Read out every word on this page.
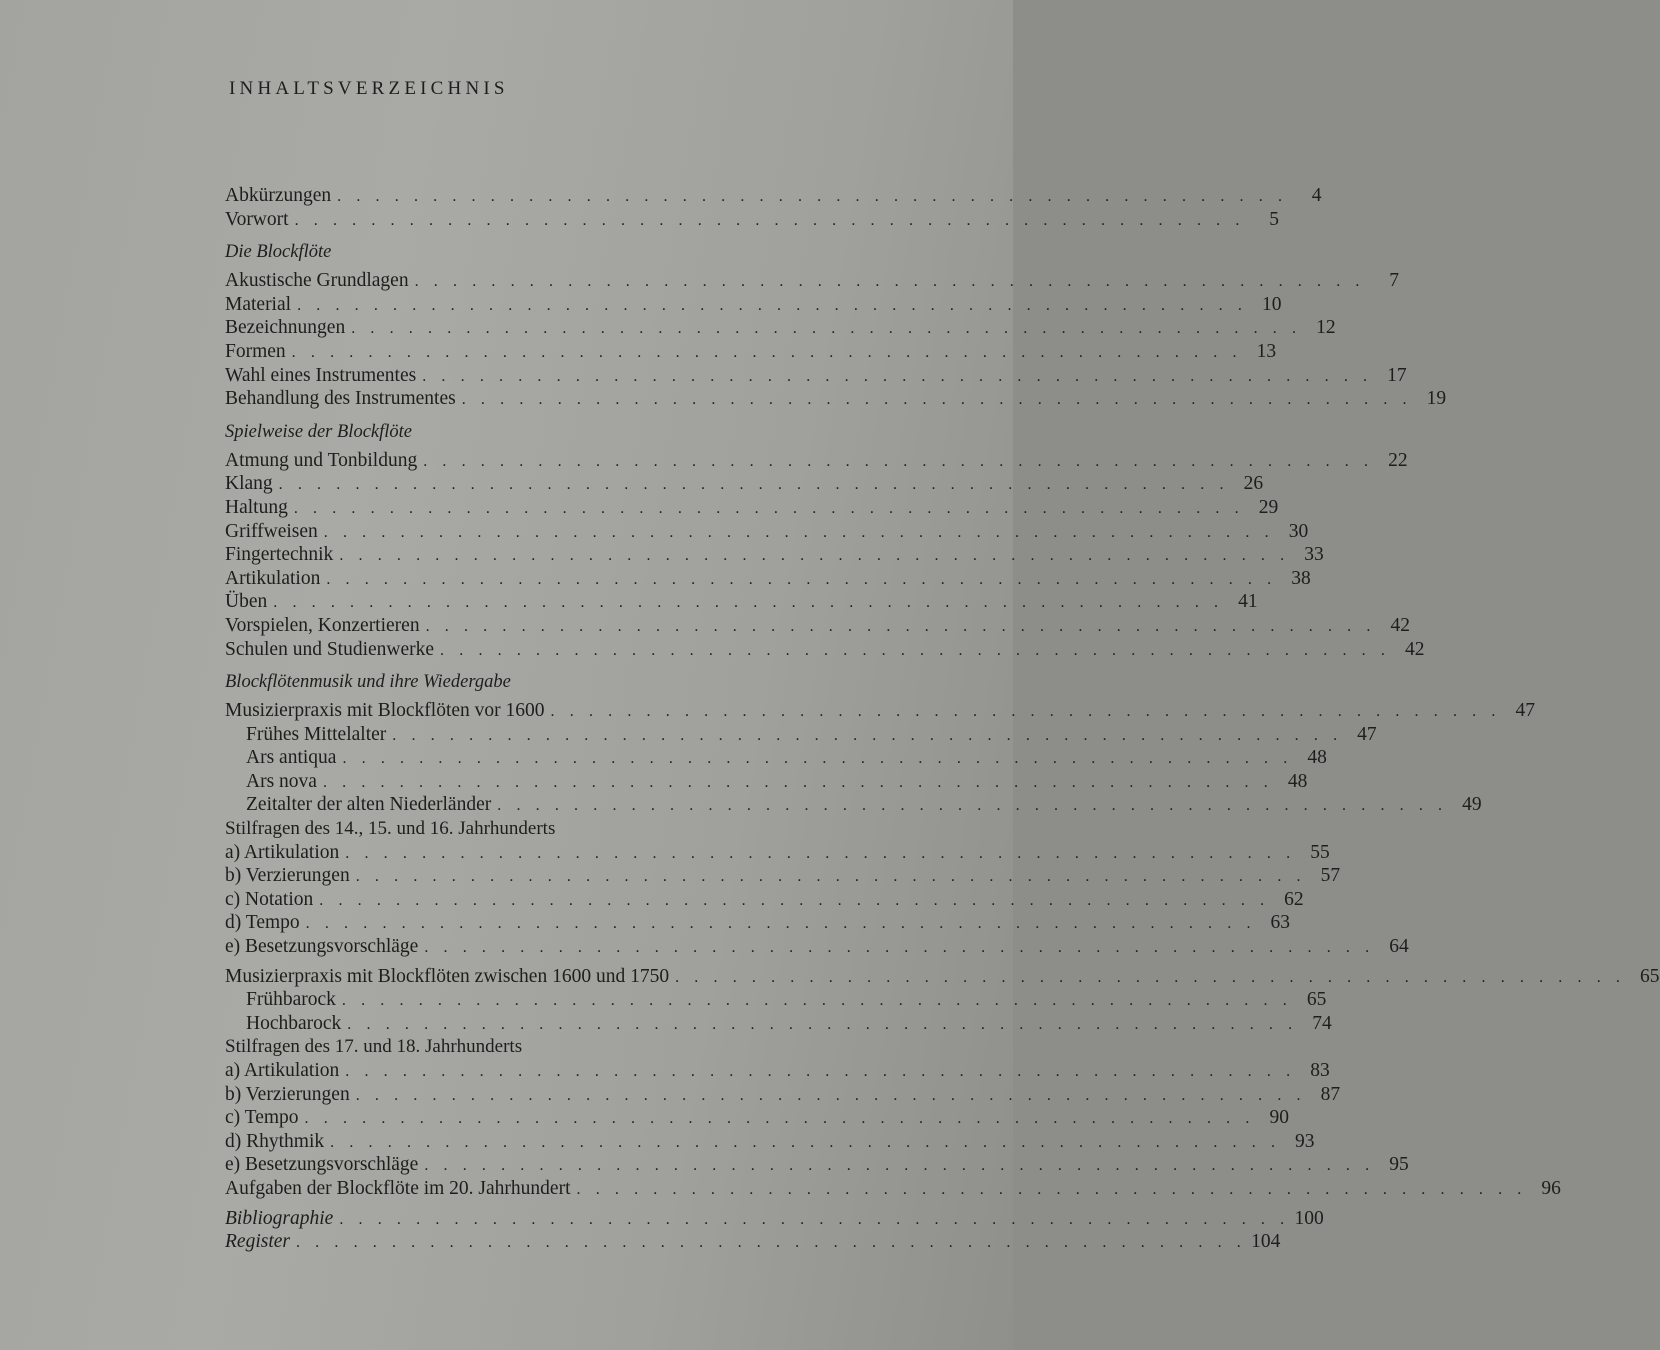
INHALTSVERZEICHNIS
Abkürzungen . . . . . . . . . . . . . . . . . . . . . . . . . . . . . . . . . . . . . . . . . . . . . . . . . .	4
Vorwort . . . . . . . . . . . . . . . . . . . . . . . . . . . . . . . . . . . . . . . . . . . . . . . . . .	5
Die Blockflöte
Akustische Grundlagen . . . . . . . . . . . . . . . . . . . . . . . . . . . . . . . . . . . . . . . . . . . . . . . . . .	7
Material . . . . . . . . . . . . . . . . . . . . . . . . . . . . . . . . . . . . . . . . . . . . . . . . . . 10
Bezeichnungen . . . . . . . . . . . . . . . . . . . . . . . . . . . . . . . . . . . . . . . . . . . . . . . . . . 12
Formen . . . . . . . . . . . . . . . . . . . . . . . . . . . . . . . . . . . . . . . . . . . . . . . . . . 13
Wahl eines Instrumentes . . . . . . . . . . . . . . . . . . . . . . . . . . . . . . . . . . . . . . . . . . . . . . . . . . 17
Behandlung des Instrumentes . . . . . . . . . . . . . . . . . . . . . . . . . . . . . . . . . . . . . . . . . . . . . . . . . . 19
Spielweise der Blockflöte
Atmung und Tonbildung . . . . . . . . . . . . . . . . . . . . . . . . . . . . . . . . . . . . . . . . . . . . . . . . . . 22
Klang . . . . . . . . . . . . . . . . . . . . . . . . . . . . . . . . . . . . . . . . . . . . . . . . . . 26
Haltung . . . . . . . . . . . . . . . . . . . . . . . . . . . . . . . . . . . . . . . . . . . . . . . . . . 29
Griffweisen . . . . . . . . . . . . . . . . . . . . . . . . . . . . . . . . . . . . . . . . . . . . . . . . . . 30
Fingertechnik . . . . . . . . . . . . . . . . . . . . . . . . . . . . . . . . . . . . . . . . . . . . . . . . . . 33
Artikulation . . . . . . . . . . . . . . . . . . . . . . . . . . . . . . . . . . . . . . . . . . . . . . . . . . 38
Üben . . . . . . . . . . . . . . . . . . . . . . . . . . . . . . . . . . . . . . . . . . . . . . . . . . 41
Vorspielen, Konzertieren . . . . . . . . . . . . . . . . . . . . . . . . . . . . . . . . . . . . . . . . . . . . . . . . . . 42
Schulen und Studienwerke . . . . . . . . . . . . . . . . . . . . . . . . . . . . . . . . . . . . . . . . . . . . . . . . . . 42
Blockflötenmusik und ihre Wiedergabe
Musizierpraxis mit Blockflöten vor 1600 . . . . . . . . . . . . . . . . . . . . . . . . . . . . . . . . . . . . . . . . . . . . . . . . . . 47
Frühes Mittelalter . . . . . . . . . . . . . . . . . . . . . . . . . . . . . . . . . . . . . . . . . . . . . . . . . . 47
Ars antiqua . . . . . . . . . . . . . . . . . . . . . . . . . . . . . . . . . . . . . . . . . . . . . . . . . . 48
Ars nova . . . . . . . . . . . . . . . . . . . . . . . . . . . . . . . . . . . . . . . . . . . . . . . . . . 48
Zeitalter der alten Niederländer . . . . . . . . . . . . . . . . . . . . . . . . . . . . . . . . . . . . . . . . . . . . . . . . . . 49
Stilfragen des 14., 15. und 16. Jahrhunderts
a) Artikulation . . . . . . . . . . . . . . . . . . . . . . . . . . . . . . . . . . . . . . . . . . . . . . . . . . 55
b) Verzierungen . . . . . . . . . . . . . . . . . . . . . . . . . . . . . . . . . . . . . . . . . . . . . . . . . . 57
c) Notation . . . . . . . . . . . . . . . . . . . . . . . . . . . . . . . . . . . . . . . . . . . . . . . . . . 62
d) Tempo . . . . . . . . . . . . . . . . . . . . . . . . . . . . . . . . . . . . . . . . . . . . . . . . . . 63
e) Besetzungsvorschläge . . . . . . . . . . . . . . . . . . . . . . . . . . . . . . . . . . . . . . . . . . . . . . . . . . 64
Musizierpraxis mit Blockflöten zwischen 1600 und 1750 . . . . . . . . . . . . . . . . . . . . . . . . . . . . . . . . . . . . . . . . . . . . . . . . . . 65
Frühbarock . . . . . . . . . . . . . . . . . . . . . . . . . . . . . . . . . . . . . . . . . . . . . . . . . . 65
Hochbarock . . . . . . . . . . . . . . . . . . . . . . . . . . . . . . . . . . . . . . . . . . . . . . . . . . 74
Stilfragen des 17. und 18. Jahrhunderts
a) Artikulation . . . . . . . . . . . . . . . . . . . . . . . . . . . . . . . . . . . . . . . . . . . . . . . . . . 83
b) Verzierungen . . . . . . . . . . . . . . . . . . . . . . . . . . . . . . . . . . . . . . . . . . . . . . . . . . 87
c) Tempo . . . . . . . . . . . . . . . . . . . . . . . . . . . . . . . . . . . . . . . . . . . . . . . . . . 90
d) Rhythmik . . . . . . . . . . . . . . . . . . . . . . . . . . . . . . . . . . . . . . . . . . . . . . . . . . 93
e) Besetzungsvorschläge . . . . . . . . . . . . . . . . . . . . . . . . . . . . . . . . . . . . . . . . . . . . . . . . . . 95
Aufgaben der Blockflöte im 20. Jahrhundert . . . . . . . . . . . . . . . . . . . . . . . . . . . . . . . . . . . . . . . . . . . . . . . . . . 96
Bibliographie . . . . . . . . . . . . . . . . . . . . . . . . . . . . . . . . . . . . . . . . . . . . . . . . . . 100
Register . . . . . . . . . . . . . . . . . . . . . . . . . . . . . . . . . . . . . . . . . . . . . . . . . . 104
